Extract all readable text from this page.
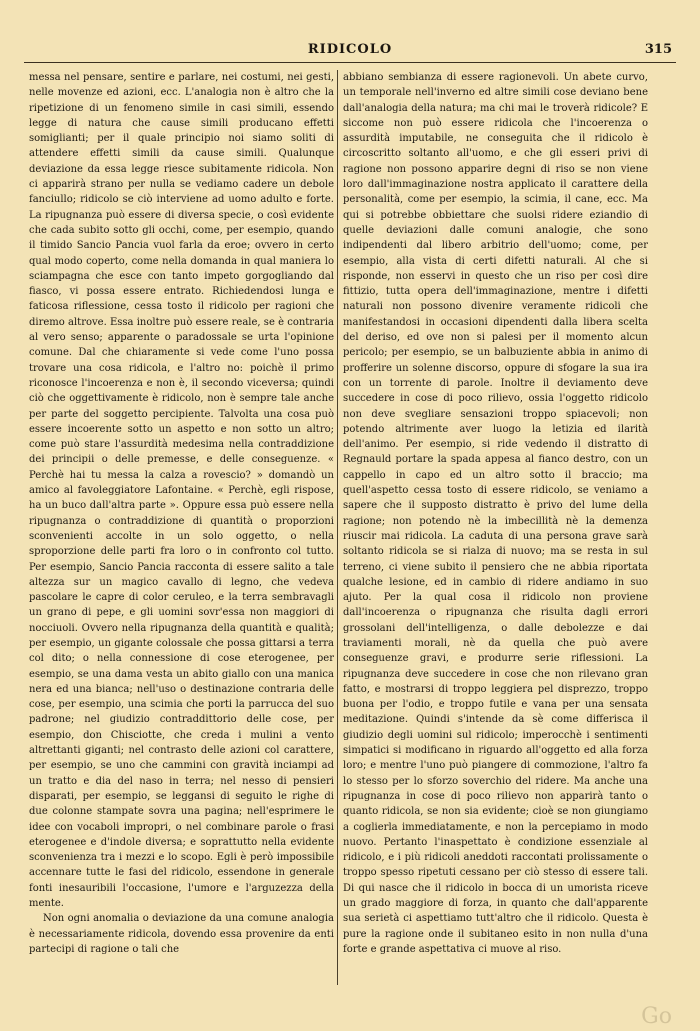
RIDICOLO	315

messa nel pensare, sentire e parlare, nei costumi, nei gesti, nelle movenze ed azioni, ecc. L'analogia non è altro che la ripetizione di un fenomeno simile in casi simili, essendo legge di natura che cause simili producano effetti somiglianti; per il quale principio noi siamo soliti di attendere effetti simili da cause simili. Qualunque deviazione da essa legge riesce subitamente ridicola. Non ci apparirà strano per nulla se vediamo cadere un debole fanciullo; ridicolo se ciò interviene ad uomo adulto e forte. La ripugnanza può essere di diversa specie, o così evidente che cada subito sotto gli occhi, come, per esempio, quando il timido Sancio Pancia vuol farla da eroe; ovvero in certo qual modo coperto, come nella domanda in qual maniera lo sciampagna che esce con tanto impeto gorgogliando dal fiasco, vi possa essere entrato. Richiedendosi lunga e faticosa riflessione, cessa tosto il ridicolo per ragioni che diremo altrove. Essa inoltre può essere reale, se è contraria al vero senso; apparente o paradossale se urta l'opinione comune. Dal che chiaramente si vede come l'uno possa trovare una cosa ridicola, e l'altro no: poichè il primo riconosce l'incoerenza e non è, il secondo viceversa; quindi ciò che oggettivamente è ridicolo, non è sempre tale anche per parte del soggetto percipiente. Talvolta una cosa può essere incoerente sotto un aspetto e non sotto un altro; come può stare l'assurdità medesima nella contraddizione dei principii o delle premesse, e delle conseguenze. « Perchè hai tu messa la calza a rovescio? » domandò un amico al favoleggiatore Lafontaine. « Perchè, egli rispose, ha un buco dall'altra parte ». Oppure essa può essere nella ripugnanza o contraddizione di quantità o proporzioni sconvenienti accolte in un solo oggetto, o nella sproporzione delle parti fra loro o in confronto col tutto. Per esempio, Sancio Pancia racconta di essere salito a tale altezza sur un magico cavallo di legno, che vedeva pascolare le capre di color ceruleo, e la terra sembravagli un grano di pepe, e gli uomini sovr'essa non maggiori di nocciuoli. Ovvero nella ripugnanza della quantità e qualità; per esempio, un gigante colossale che possa gittarsi a terra col dito; o nella connessione di cose eterogenee, per esempio, se una dama vesta un abito giallo con una manica nera ed una bianca; nell'uso o destinazione contraria delle cose, per esempio, una scimia che porti la parrucca del suo padrone; nel giudizio contraddittorio delle cose, per esempio, don Chisciotte, che creda i mulini a vento altrettanti giganti; nel contrasto delle azioni col carattere, per esempio, se uno che cammini con gravità inciampi ad un tratto e dia del naso in terra; nel nesso di pensieri disparati, per esempio, se leggansi di seguito le righe di due colonne stampate sovra una pagina; nell'esprimere le idee con vocaboli impropri, o nel combinare parole o frasi eterogenee e d'indole diversa; e soprattutto nella evidente sconvenienza tra i mezzi e lo scopo. Egli è però impossibile accennare tutte le fasi del ridicolo, essendone in generale fonti inesauribili l'occasione, l'umore e l'arguzezza della mente.

Non ogni anomalia o deviazione da una comune analogia è necessariamente ridicola, dovendo essa provenire da enti partecipi di ragione o tali che

abbiano sembianza di essere ragionevoli. Un abete curvo, un temporale nell'inverno ed altre simili cose deviano bene dall'analogia della natura; ma chi mai le troverà ridicole? E siccome non può essere ridicola che l'incoerenza o assurdità imputabile, ne conseguita che il ridicolo è circoscritto soltanto all'uomo, e che gli esseri privi di ragione non possono apparire degni di riso se non viene loro dall'immaginazione nostra applicato il carattere della personalità, come per esempio, la scimia, il cane, ecc. Ma qui si potrebbe obbiettare che suolsi ridere eziandio di quelle deviazioni dalle comuni analogie, che sono indipendenti dal libero arbitrio dell'uomo; come, per esempio, alla vista di certi difetti naturali. Al che si risponde, non esservi in questo che un riso per così dire fittizio, tutta opera dell'immaginazione, mentre i difetti naturali non possono divenire veramente ridicoli che manifestandosi in occasioni dipendenti dalla libera scelta del deriso, ed ove non si palesi per il momento alcun pericolo; per esempio, se un balbuziente abbia in animo di profferire un solenne discorso, oppure di sfogare la sua ira con un torrente di parole. Inoltre il deviamento deve succedere in cose di poco rilievo, ossia l'oggetto ridicolo non deve svegliare sensazioni troppo spiacevoli; non potendo altrimente aver luogo la letizia ed ilarità dell'animo. Per esempio, si ride vedendo il distratto di Regnauld portare la spada appesa al fianco destro, con un cappello in capo ed un altro sotto il braccio; ma quell'aspetto cessa tosto di essere ridicolo, se veniamo a sapere che il supposto distratto è privo del lume della ragione; non potendo nè la imbecillità nè la demenza riuscir mai ridicola. La caduta di una persona grave sarà soltanto ridicola se si rialza di nuovo; ma se resta in sul terreno, ci viene subito il pensiero che ne abbia riportata qualche lesione, ed in cambio di ridere andiamo in suo ajuto. Per la qual cosa il ridicolo non proviene dall'incoerenza o ripugnanza che risulta dagli errori grossolani dell'intelligenza, o dalle debolezze e dai traviamenti morali, nè da quella che può avere conseguenze gravi, e produrre serie riflessioni. La ripugnanza deve succedere in cose che non rilevano gran fatto, e mostrarsi di troppo leggiera pel disprezzo, troppo buona per l'odio, e troppo futile e vana per una sensata meditazione. Quindi s'intende da sè come differisca il giudizio degli uomini sul ridicolo; imperocchè i sentimenti simpatici si modificano in riguardo all'oggetto ed alla forza loro; e mentre l'uno può piangere di commozione, l'altro fa lo stesso per lo sforzo soverchio del ridere. Ma anche una ripugnanza in cose di poco rilievo non apparirà tanto o quanto ridicola, se non sia evidente; cioè se non giungiamo a coglierla immediatamente, e non la percepiamo in modo nuovo. Pertanto l'inaspettato è condizione essenziale al ridicolo, e i più ridicoli aneddoti raccontati prolissamente o troppo spesso ripetuti cessano per ciò stesso di essere tali. Di qui nasce che il ridicolo in bocca di un umorista riceve un grado maggiore di forza, in quanto che dall'apparente sua serietà ci aspettiamo tutt'altro che il ridicolo. Questa è pure la ragione onde il subitaneo esito in non nulla d'una forte e grande aspettativa ci muove al riso.

Go
